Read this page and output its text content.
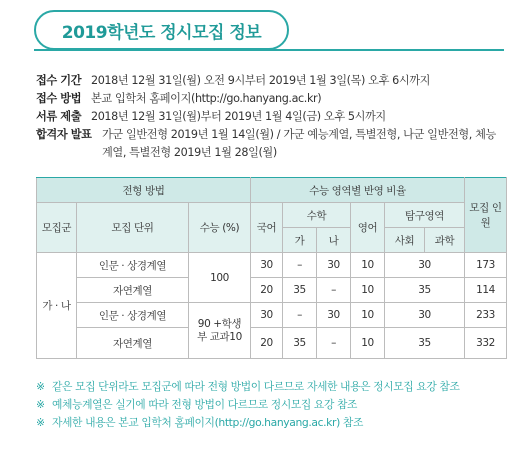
2019학년도 정시모집 정보
접수 기간 2018년 12월 31일(월) 오전 9시부터 2019년 1월 3일(목) 오후 6시까지
접수 방법 본교 입학처 홈페이지(http://go.hanyang.ac.kr)
서류 제출 2018년 12월 31일(월)부터 2019년 1월 4일(금) 오후 5시까지
합격자 발표 가군 일반전형 2019년 1월 14일(월) / 가군 예능계열, 특별전형, 나군 일반전형, 체능계열, 특별전형 2019년 1월 28일(월)
전형 방법			수능 영역별 반영 비율						모집 인원
모집군	모집 단위	수능 (%)	국어	수학		영어	탐구영역		
				가	나		사회	과학	
가 · 나	인문 · 상경계열	100	30	–	30	10	30		173
	자연계열		20	35	–	10	35		114
	인문 · 상경계열	90 +학생부 교과10	30	–	30	10	30		233
	자연계열		20	35	–	10	35		332
※ 같은 모집 단위라도 모집군에 따라 전형 방법이 다르므로 자세한 내용은 정시모집 요강 참조
※ 예체능계열은 실기에 따라 전형 방법이 다르므로 정시모집 요강 참조
※ 자세한 내용은 본교 입학처 홈페이지(http://go.hanyang.ac.kr) 참조
